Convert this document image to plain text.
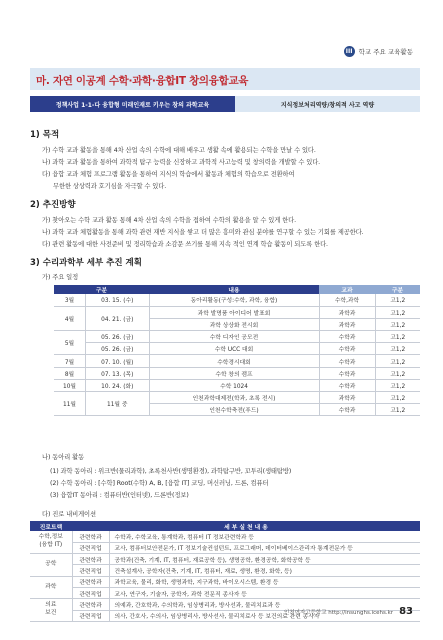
III 학교 주요 교육활동
마. 자연 이공계 수학·과학·융합IT 창의융합교육
정책사업 1-1-다 융합형 미래인재로 키우는 창의 과학교육	지식정보처리역량/창의적 사고 역량
1) 목적
가) 수학 교과 활동을 통해 4차 산업 속의 수학에 대해 배우고 생활 속에 활용되는 수학을 만날 수 있다.
나) 과학 교과 활동을 통하여 과학적 탐구 능력을 신장하고 과학적 사고능력 및 창의력을 개발할 수 있다.
다) 융합 교과 체험 프로그램 활동을 통하여 지식의 학습에서 활동과 체험의 학습으로 전환하여
무한한 상상력과 호기심을 자극할 수 있다.
2) 추진방향
가) 찾아오는 수학 교과 활동 통해 4차 산업 속의 수학을 접하여 수학의 활용을 알 수 있게 한다.
나) 과학 교과 체험활동을 통해 과학 관련 재반 지식을 쌓고 더 많은 흥미와 관심 분야를 연구할 수 있는 기회를 제공한다.
다) 관련 활동에 대한 사전준비 및 정리학습과 소감문 쓰기를 통해 지속 적인 연계 학습 활동이 되도록 한다.
3) 수리과학부 세부 추진 계획
가) 주요 일정
구분		내용	교과	구분
3월	03. 15. (수)	동아리활동(구성:수학, 과학, 융합)	수학,과학	고1,2
4월	04. 21. (금)	과학 발명품 아이디어 발표회	과학과	고1,2
		과학 상상화 전시회	과학과	고1,2
5월	05. 26. (금)	수학 디자인 공모전	수학과	고1,2
	05. 26. (금)	수학 UCC 대회	수학과	고1,2
7월	07. 10. (월)	수학경시대회	수학과	고1,2
8월	07. 13. (목)	수학 창의 캠프	수학과	고1,2
10월	10. 24. (화)	수학 1024	수학과	고1,2
11월	11월 중	인천과학대제전(학과, 초록 전시)	과학과	고1,2
		인천수학축전(푸드)	수학과	고1,2
나) 동아리 활동
(1) 과학 동아리 : 위크반(물리과학), 초록천사반(생명환경), 과학탐구반, 꼬투리(생태탐방)
(2) 수학 동아리 : [수학] Root(수학) A, B, [융합 IT] 코딩, 머신러닝, 드론, 컴퓨터
(3) 융합IT 동아리 : 컴퓨터반(인터넷), 드론반(정보)
다) 진로 내비게이션
진로트랙	세 부 실 천 내 용	
수학,정보
(융합 IT)	관련학과	수학과, 수학교육, 통계학과, 컴퓨터 IT 정보관련학과 등
	관련직업	교사, 컴퓨터보안전문가, IT 정보기술컨설턴트, 프로그래머, 데이터베이스관리자 통계전문가 등
공학	관련학과	공학과(건축, 기계, IT, 컴퓨터, 재료공학 등), 생명공학, 환경공학, 화학공학 등
	관련직업	건축설계사, 공학자(건축, 기계, IT, 컴퓨터, 재료, 생명, 환경, 화학, 등)
과학	관련학과	과학교육, 물리, 화학, 생명과학, 지구과학, 바이오시스템, 환경 등
	관련직업	교사, 연구자, 기술자, 공학자, 과학 전문직 종사자 등
의료
보건	관련학과	의예과, 간호학과, 수의학과, 임상병리과, 방사선과, 물리치료과 등
	관련직업	의사, 간호사, 수의사, 임상병리사, 방사선사, 물리치료사 등 보건의료 관련 종사자
인천여자고등학교 http://insunghs.icehs.kr 83
